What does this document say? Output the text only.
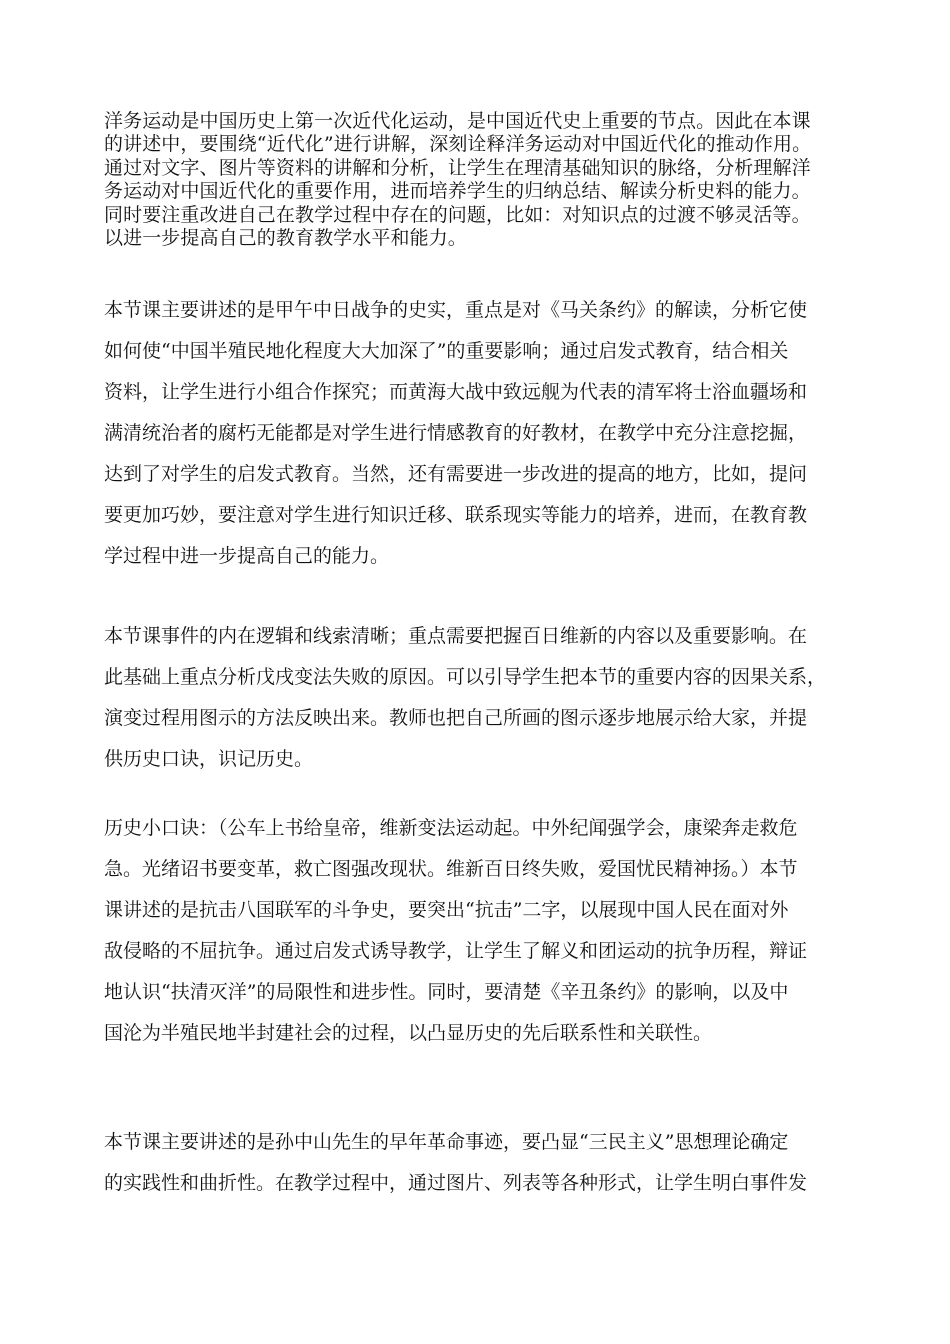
洋务运动是中国历史上第一次近代化运动，是中国近代史上重要的节点。因此在本课
的讲述中，要围绕“近代化”进行讲解，深刻诠释洋务运动对中国近代化的推动作用。
通过对文字、图片等资料的讲解和分析，让学生在理清基础知识的脉络，分析理解洋
务运动对中国近代化的重要作用，进而培养学生的归纳总结、解读分析史料的能力。
同时要注重改进自己在教学过程中存在的问题，比如：对知识点的过渡不够灵活等。
以进一步提高自己的教育教学水平和能力。
本节课主要讲述的是甲午中日战争的史实，重点是对《马关条约》的解读，分析它使
如何使“中国半殖民地化程度大大加深了”的重要影响；通过启发式教育，结合相关
资料，让学生进行小组合作探究；而黄海大战中致远舰为代表的清军将士浴血疆场和
满清统治者的腐朽无能都是对学生进行情感教育的好教材，在教学中充分注意挖掘，
达到了对学生的启发式教育。当然，还有需要进一步改进的提高的地方，比如，提问
要更加巧妙，要注意对学生进行知识迁移、联系现实等能力的培养，进而，在教育教
学过程中进一步提高自己的能力。
本节课事件的内在逻辑和线索清晰；重点需要把握百日维新的内容以及重要影响。在
此基础上重点分析戊戌变法失败的原因。可以引导学生把本节的重要内容的因果关系，
演变过程用图示的方法反映出来。教师也把自己所画的图示逐步地展示给大家，并提
供历史口诀，识记历史。
历史小口诀：（公车上书给皇帝，维新变法运动起。中外纪闻强学会，康梁奔走救危
急。光绪诏书要变革，救亡图强改现状。维新百日终失败，爱国忧民精神扬。）本节
课讲述的是抗击八国联军的斗争史，要突出“抗击”二字，以展现中国人民在面对外
敌侵略的不屈抗争。通过启发式诱导教学，让学生了解义和团运动的抗争历程，辩证
地认识“扶清灭洋”的局限性和进步性。同时，要清楚《辛丑条约》的影响，以及中
国沦为半殖民地半封建社会的过程，以凸显历史的先后联系性和关联性。
本节课主要讲述的是孙中山先生的早年革命事迹，要凸显“三民主义”思想理论确定
的实践性和曲折性。在教学过程中，通过图片、列表等各种形式，让学生明白事件发
